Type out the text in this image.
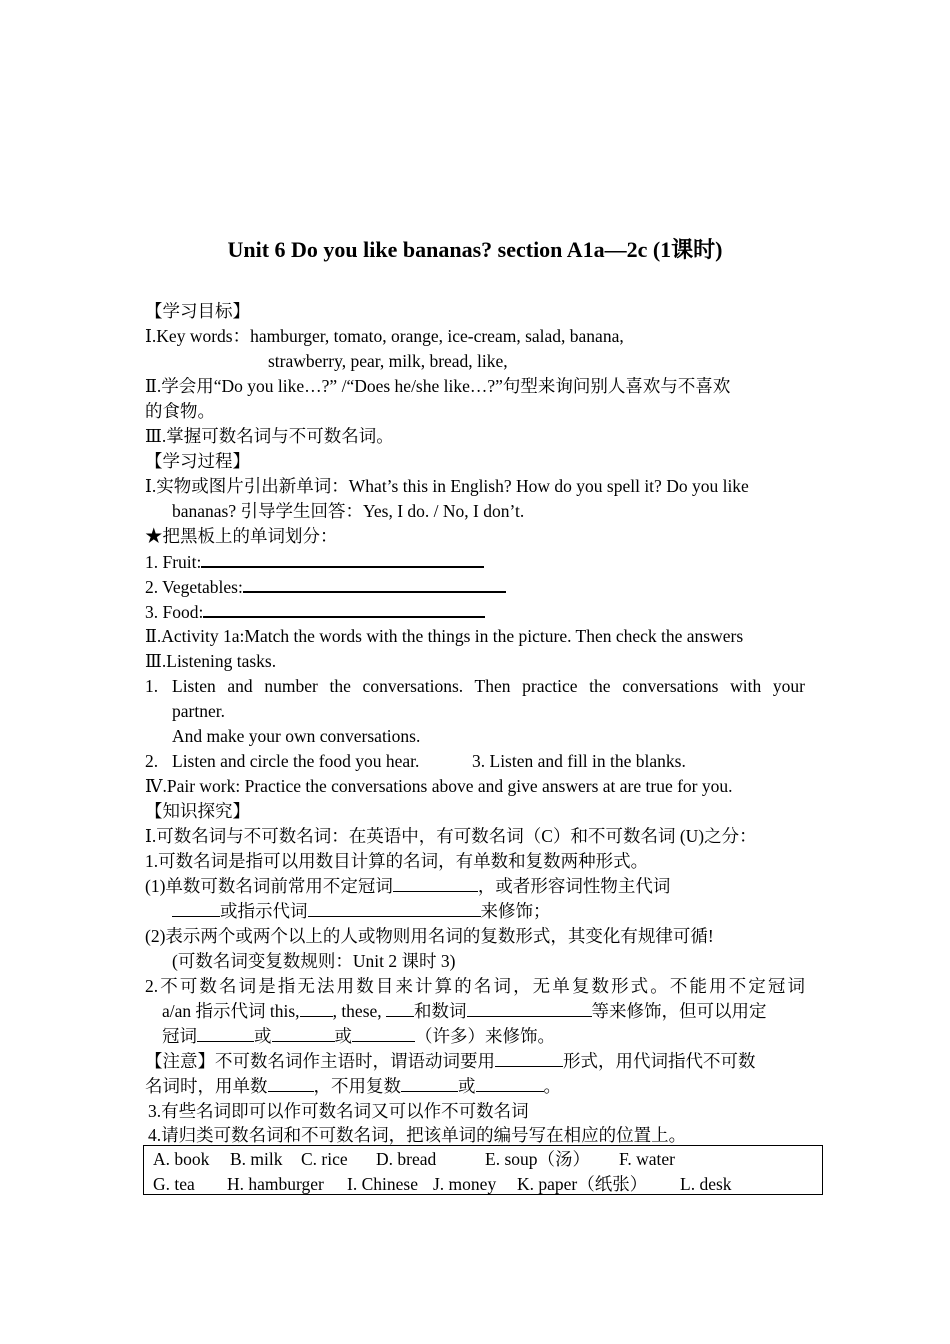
Unit 6 Do you like bananas? section A1a—2c (1课时)
【学习目标】
Ⅰ.Key words：hamburger, tomato, orange, ice-cream, salad, banana,
strawberry, pear, milk, bread, like,
Ⅱ.学会用“Do you like…?” /“Does he/she like…?”句型来询问别人喜欢与不喜欢
的食物。
Ⅲ.掌握可数名词与不可数名词。
【学习过程】
Ⅰ.实物或图片引出新单词：What’s this in English? How do you spell it? Do you like
bananas? 引导学生回答：Yes, I do. / No, I don’t.
★把黑板上的单词划分：
1. Fruit:
2. Vegetables:
3. Food:
Ⅱ.Activity 1a:Match the words with the things in the picture. Then check the answers
Ⅲ.Listening tasks.
1. Listen and number the conversations. Then practice the conversations with your
partner.
And make your own conversations.
2. Listen and circle the food you hear.	3. Listen and fill in the blanks.
Ⅳ.Pair work: Practice the conversations above and give answers at are true for you.
【知识探究】
Ⅰ.可数名词与不可数名词：在英语中，有可数名词（C）和不可数名词 (U)之分：
1.可数名词是指可以用数目计算的名词，有单数和复数两种形式。
(1)单数可数名词前常用不定冠词	，或者形容词性物主代词
或指示代词	来修饰；
(2)表示两个或两个以上的人或物则用名词的复数形式，其变化有规律可循!
(可数名词变复数规则：Unit 2 课时 3)
2.不可数名词是指无法用数目来计算的名词，无单复数形式。不能用不定冠词
a/an 指示代词 this, , these, 和数词	等来修饰，但可以用定
冠词	或	或	（许多）来修饰。
【注意】不可数名词作主语时，谓语动词要用	形式，用代词指代不可数
名词时，用单数	，不用复数	或	。
3.有些名词即可以作可数名词又可以作不可数名词
4.请归类可数名词和不可数名词，把该单词的编号写在相应的位置上。
A. book B. milk C. rice D. bread	E. soup（汤） F. water
G. tea H. hamburger I. Chinese J. money K. paper（纸张） L. desk
